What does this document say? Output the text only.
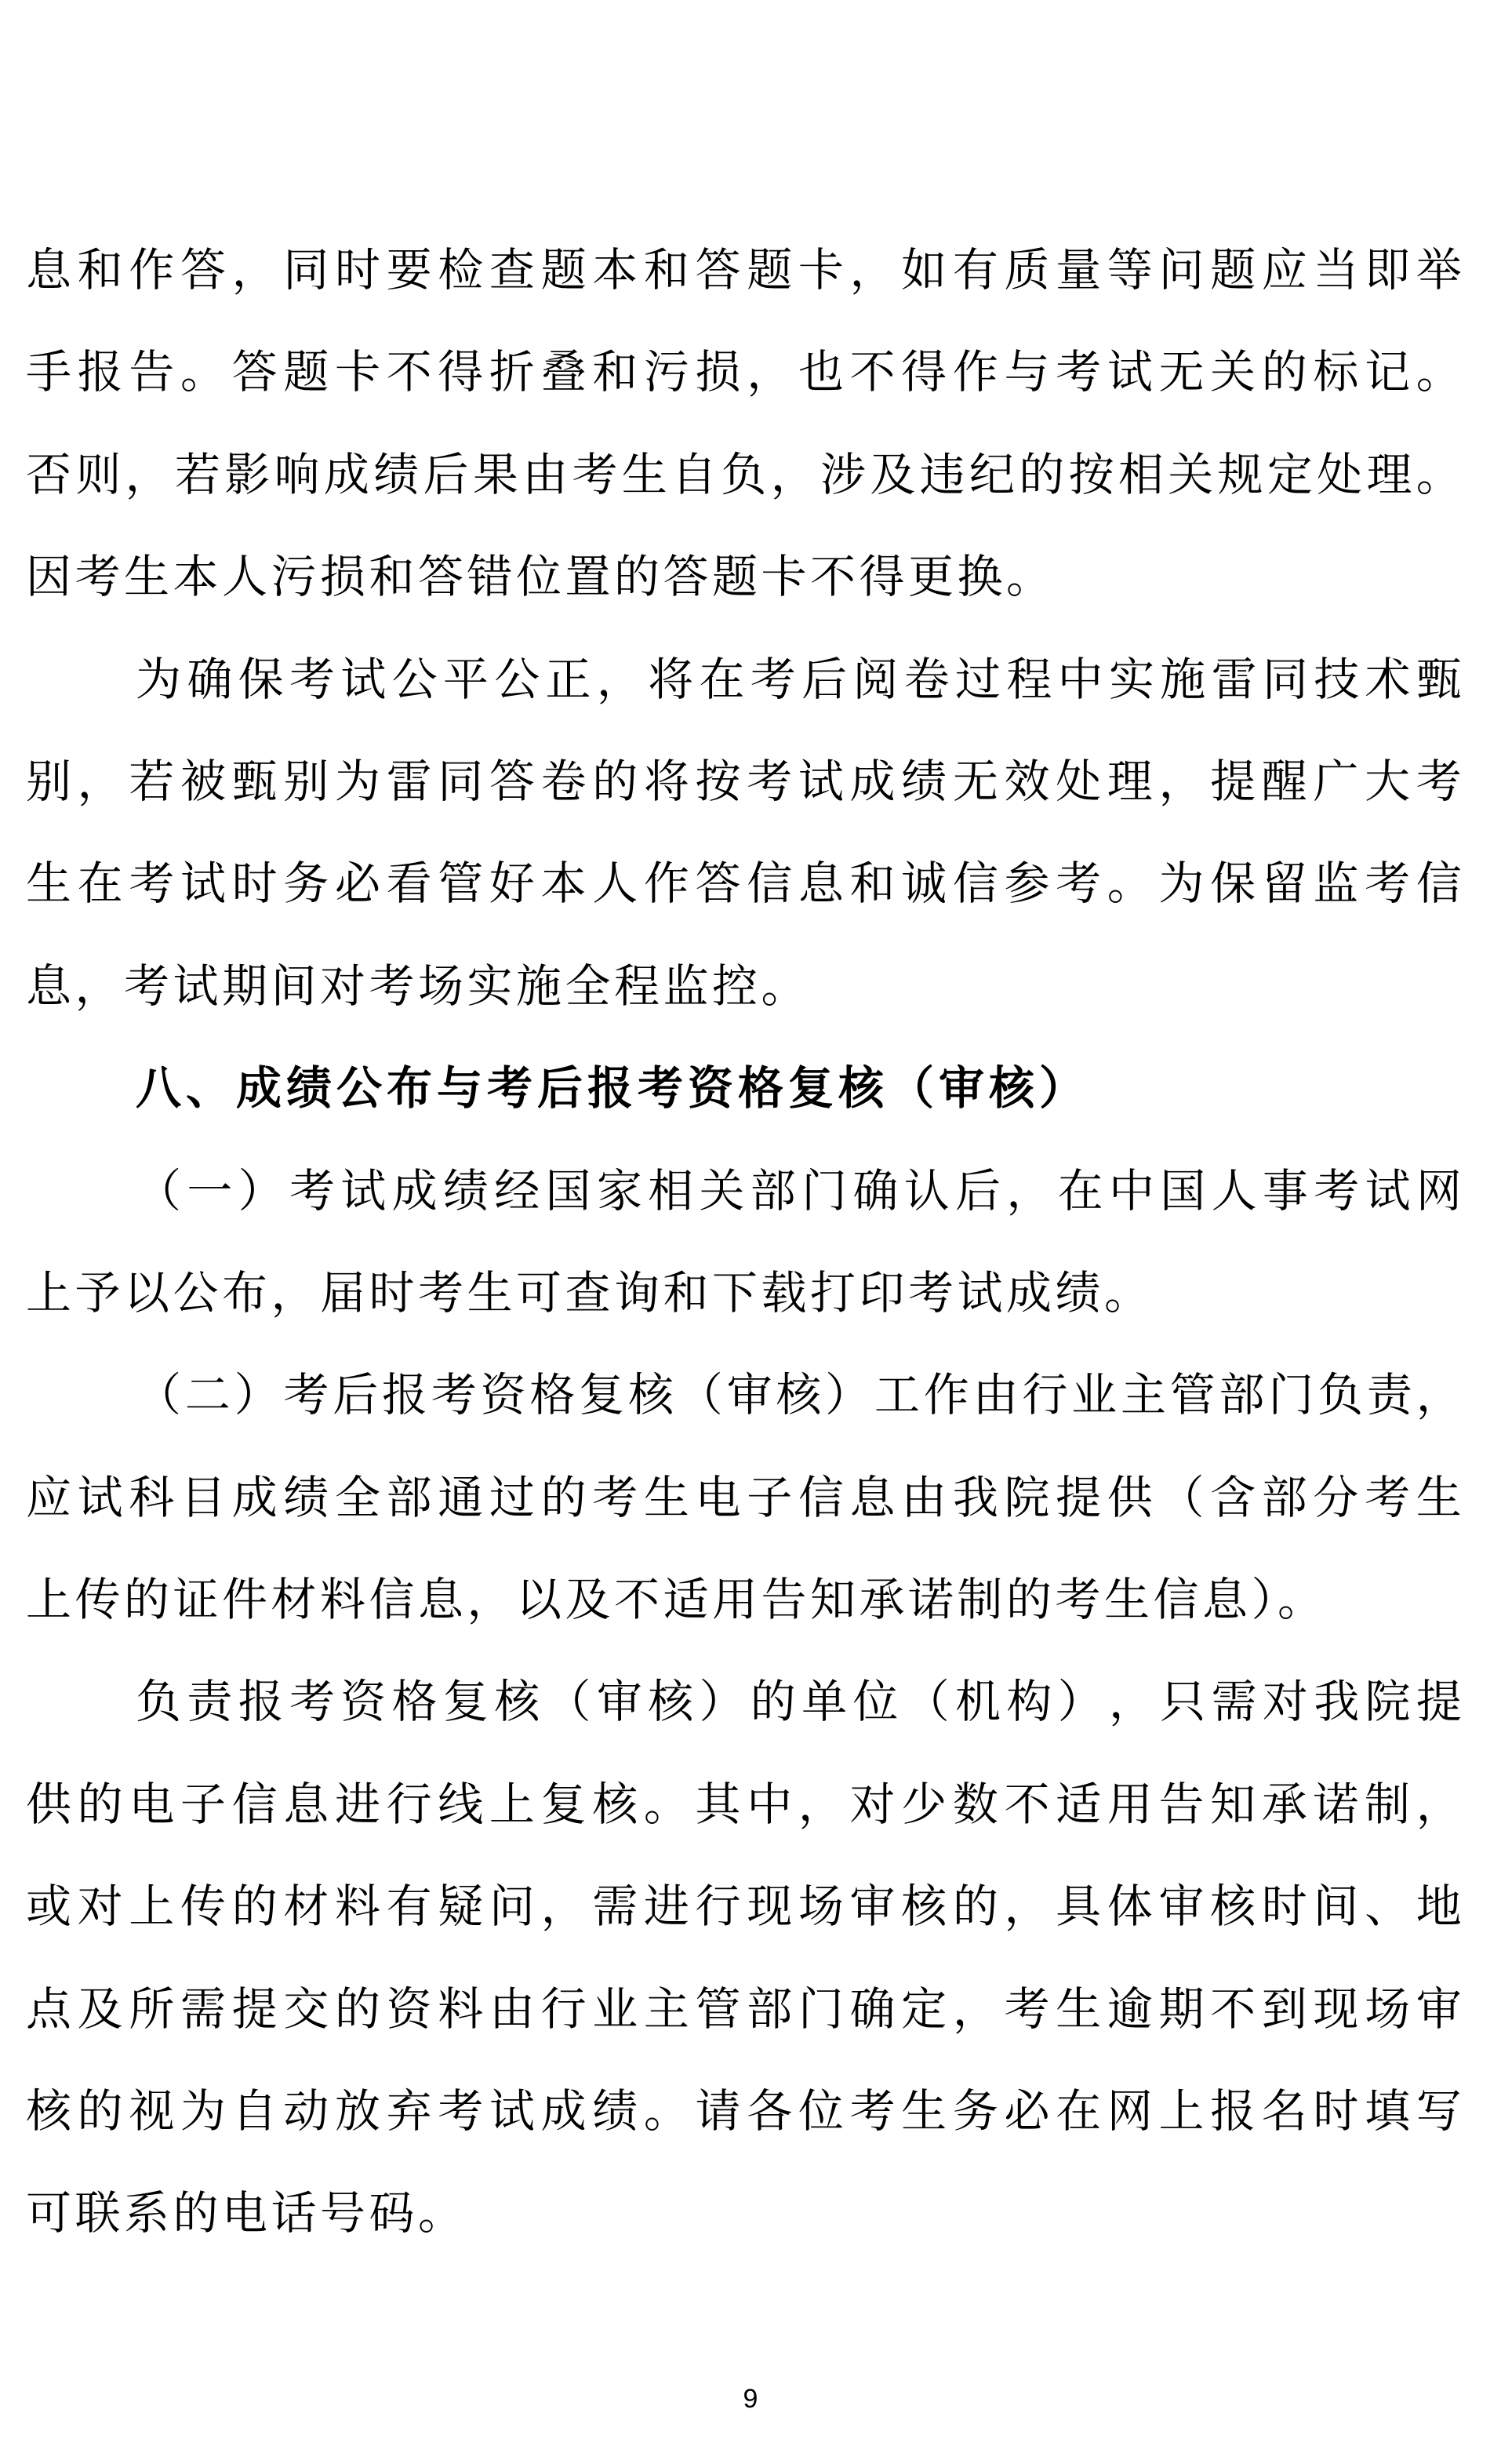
息 和 作 答 ， 同 时 要 检 查 题 本 和 答 题 卡 ， 如 有 质 量 等 问 题 应 当 即 举
手 报 告 。 答 题 卡 不 得 折 叠 和 污 损 ， 也 不 得 作 与 考 试 无 关 的 标 记 。
否 则 ， 若 影 响 成 绩 后 果 由 考 生 自 负 ， 涉 及 违 纪 的 按 相 关 规 定 处 理 。
因考生本人污损和答错位置的答题卡不得更换。
为 确 保 考 试 公 平 公 正 ， 将 在 考 后 阅 卷 过 程 中 实 施 雷 同 技 术 甄
别 ， 若 被 甄 别 为 雷 同 答 卷 的 将 按 考 试 成 绩 无 效 处 理 ， 提 醒 广 大 考
生 在 考 试 时 务 必 看 管 好 本 人 作 答 信 息 和 诚 信 参 考 。 为 保 留 监 考 信
息，考试期间对考场实施全程监控。
八、成绩公布与考后报考资格复核（审核）
（ 一 ） 考 试 成 绩 经 国 家 相 关 部 门 确 认 后 ， 在 中 国 人 事 考 试 网
上予以公布，届时考生可查询和下载打印考试成绩。
（ 二 ） 考 后 报 考 资 格 复 核 （ 审 核 ） 工 作 由 行 业 主 管 部 门 负 责 ，
应 试 科 目 成 绩 全 部 通 过 的 考 生 电 子 信 息 由 我 院 提 供 （ 含 部 分 考 生
上传的证件材料信息，以及不适用告知承诺制的考生信息）。
负 责 报 考 资 格 复 核 （ 审 核 ） 的 单 位 （ 机 构 ） ， 只 需 对 我 院 提
供 的 电 子 信 息 进 行 线 上 复 核 。 其 中 ， 对 少 数 不 适 用 告 知 承 诺 制 ，
或 对 上 传 的 材 料 有 疑 问 ， 需 进 行 现 场 审 核 的 ， 具 体 审 核 时 间 、 地
点 及 所 需 提 交 的 资 料 由 行 业 主 管 部 门 确 定 ， 考 生 逾 期 不 到 现 场 审
核 的 视 为 自 动 放 弃 考 试 成 绩 。 请 各 位 考 生 务 必 在 网 上 报 名 时 填 写
可联系的电话号码。
9
